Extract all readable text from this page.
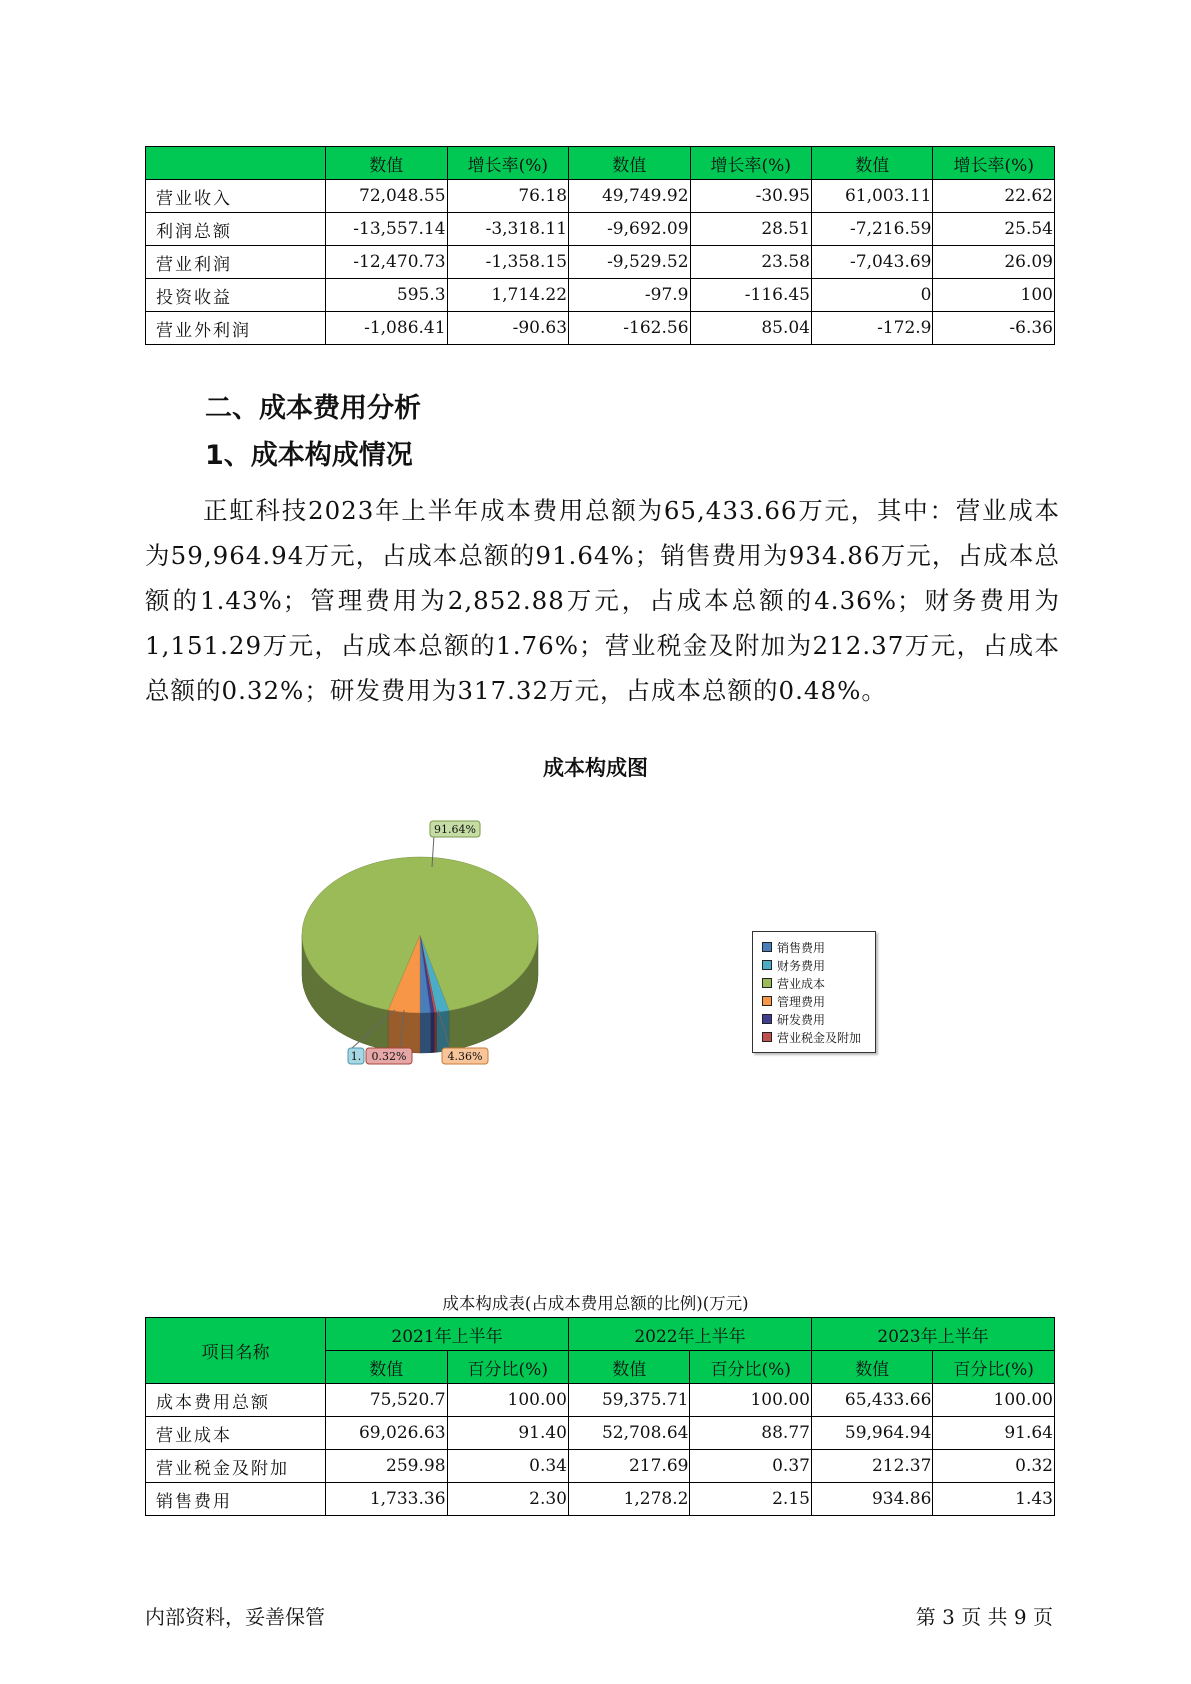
	数值	增长率(%)	数值	增长率(%)	数值	增长率(%)
营业收入	72,048.55	76.18	49,749.92	-30.95	61,003.11	22.62
利润总额	-13,557.14	-3,318.11	-9,692.09	28.51	-7,216.59	25.54
营业利润	-12,470.73	-1,358.15	-9,529.52	23.58	-7,043.69	26.09
投资收益	595.3	1,714.22	-97.9	-116.45	0	100
营业外利润	-1,086.41	-90.63	-162.56	85.04	-172.9	-6.36
二、成本费用分析
1、成本构成情况

正虹科技2023年上半年成本费用总额为65,433.66万元，其中：营业成本为59,964.94万元，占成本总额的91.64%；销售费用为934.86万元，占成本总额的1.43%；管理费用为2,852.88万元，占成本总额的4.36%；财务费用为1,151.29万元，占成本总额的1.76%；营业税金及附加为212.37万元，占成本总额的0.32%；研发费用为317.32万元，占成本总额的0.48%。

成本构成图
91.64%
1. 0.32%	4.36%
销售费用
财务费用
营业成本
管理费用
研发费用
营业税金及附加
成本构成表(占成本费用总额的比例)(万元)
项目名称	2021年上半年		2022年上半年		2023年上半年	
	数值	百分比(%)	数值	百分比(%)	数值	百分比(%)
成本费用总额	75,520.7	100.00	59,375.71	100.00	65,433.66	100.00
营业成本	69,026.63	91.40	52,708.64	88.77	59,964.94	91.64
营业税金及附加	259.98	0.34	217.69	0.37	212.37	0.32
销售费用	1,733.36	2.30	1,278.2	2.15	934.86	1.43
内部资料，妥善保管	第 3 页 共 9 页
